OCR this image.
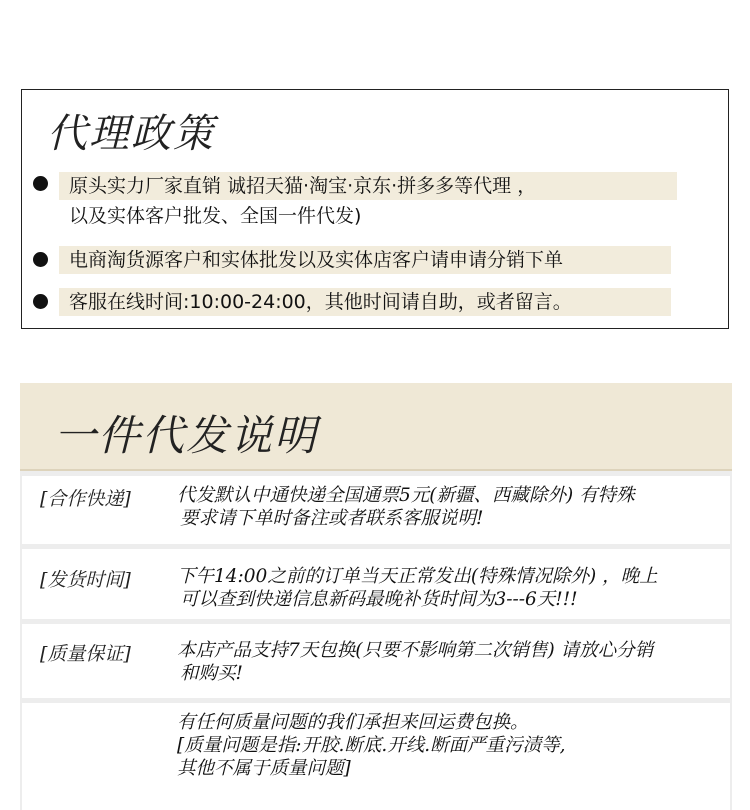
代理政策
原头实力厂家直销 诚招天猫·淘宝·京东·拼多多等代理 ，
以及实体客户批发、全国一件代发)
电商淘货源客户和实体批发以及实体店客户请申请分销下单
客服在线时间:10:00-24:00，其他时间请自助，或者留言。
一件代发说明
[合作快递] 代发默认中通快递全国通票5元(新疆、西藏除外) 有特殊
要求请下单时备注或者联系客服说明!
[发货时间] 下午14:00之前的订单当天正常发出(特殊情况除外) ，晚上
可以查到快递信息新码最晚补货时间为3---6天!!!
[质量保证] 本店产品支持7天包换(只要不影响第二次销售) 请放心分销
和购买!
有任何质量问题的我们承担来回运费包换。
[质量问题是指:开胶.断底.开线.断面严重污渍等,
其他不属于质量问题]
